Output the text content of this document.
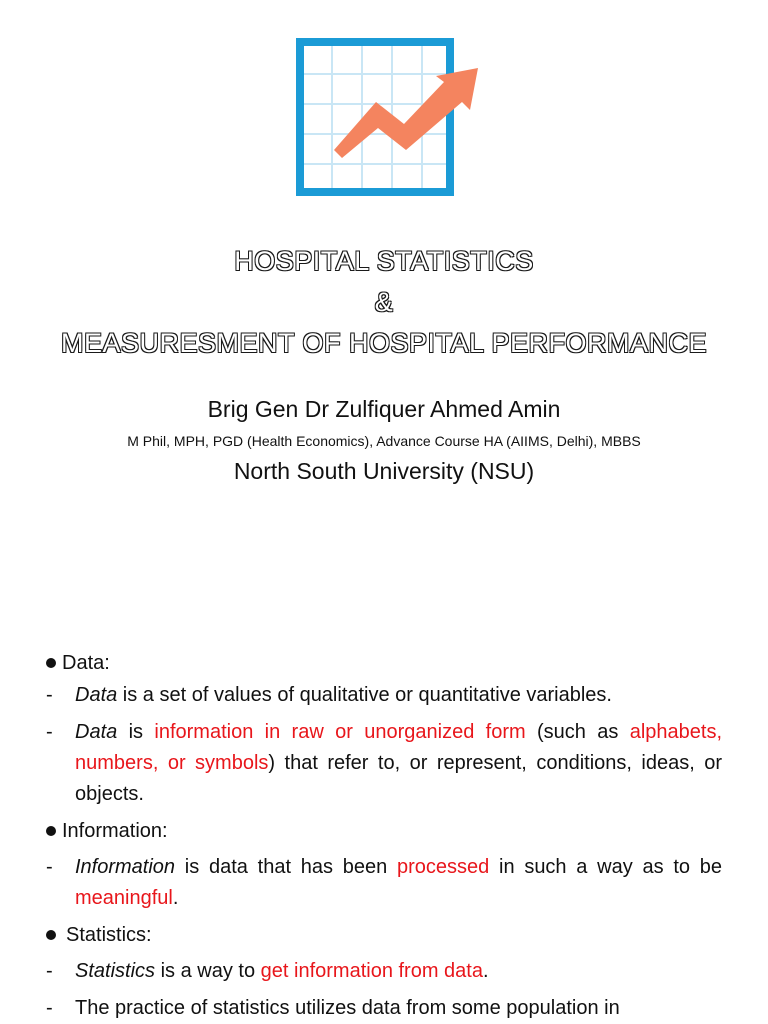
HOSPITAL STATISTICS
&
MEASURESMENT OF HOSPITAL PERFORMANCE
Brig Gen Dr Zulfiquer Ahmed Amin
M Phil, MPH, PGD (Health Economics), Advance Course HA (AIIMS, Delhi), MBBS
North South University (NSU)
Data:
- Data is a set of values of qualitative or quantitative variables.
- Data is information in raw or unorganized form (such as alphabets, numbers, or symbols) that refer to, or represent, conditions, ideas, or objects.
Information:
- Information is data that has been processed in such a way as to be meaningful.
Statistics:
- Statistics is a way to get information from data.
- The practice of statistics utilizes data from some population in
